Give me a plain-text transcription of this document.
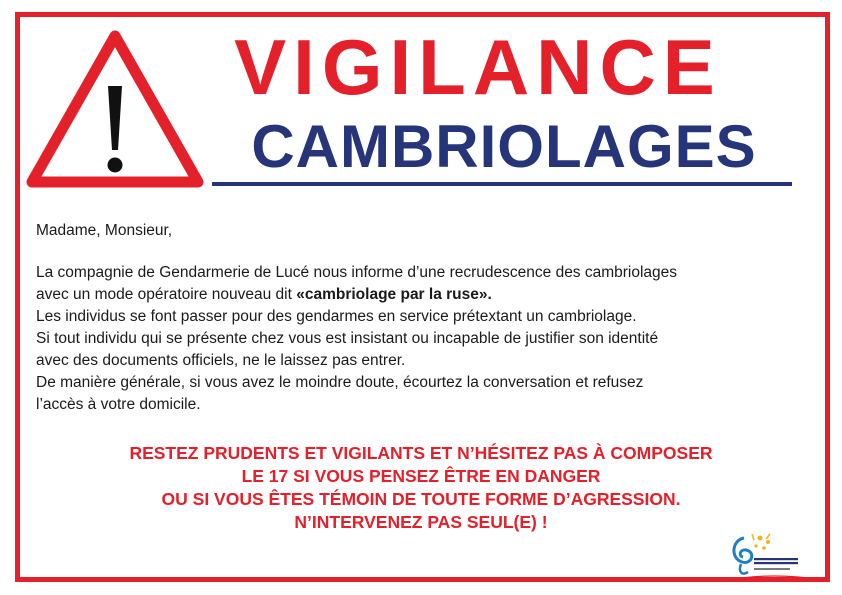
VIGILANCE
CAMBRIOLAGES
Madame, Monsieur,
La compagnie de Gendarmerie de Lucé nous informe d’une recrudescence des cambriolages
avec un mode opératoire nouveau dit «cambriolage par la ruse».
Les individus se font passer pour des gendarmes en service prétextant un cambriolage.
Si tout individu qui se présente chez vous est insistant ou incapable de justifier son identité
avec des documents officiels, ne le laissez pas entrer.
De manière générale, si vous avez le moindre doute, écourtez la conversation et refusez
l’accès à votre domicile.
RESTEZ PRUDENTS ET VIGILANTS ET N’HÉSITEZ PAS À COMPOSER
LE 17 SI VOUS PENSEZ ÊTRE EN DANGER
OU SI VOUS ÊTES TÉMOIN DE TOUTE FORME D’AGRESSION.
N’INTERVENEZ PAS SEUL(E) !
